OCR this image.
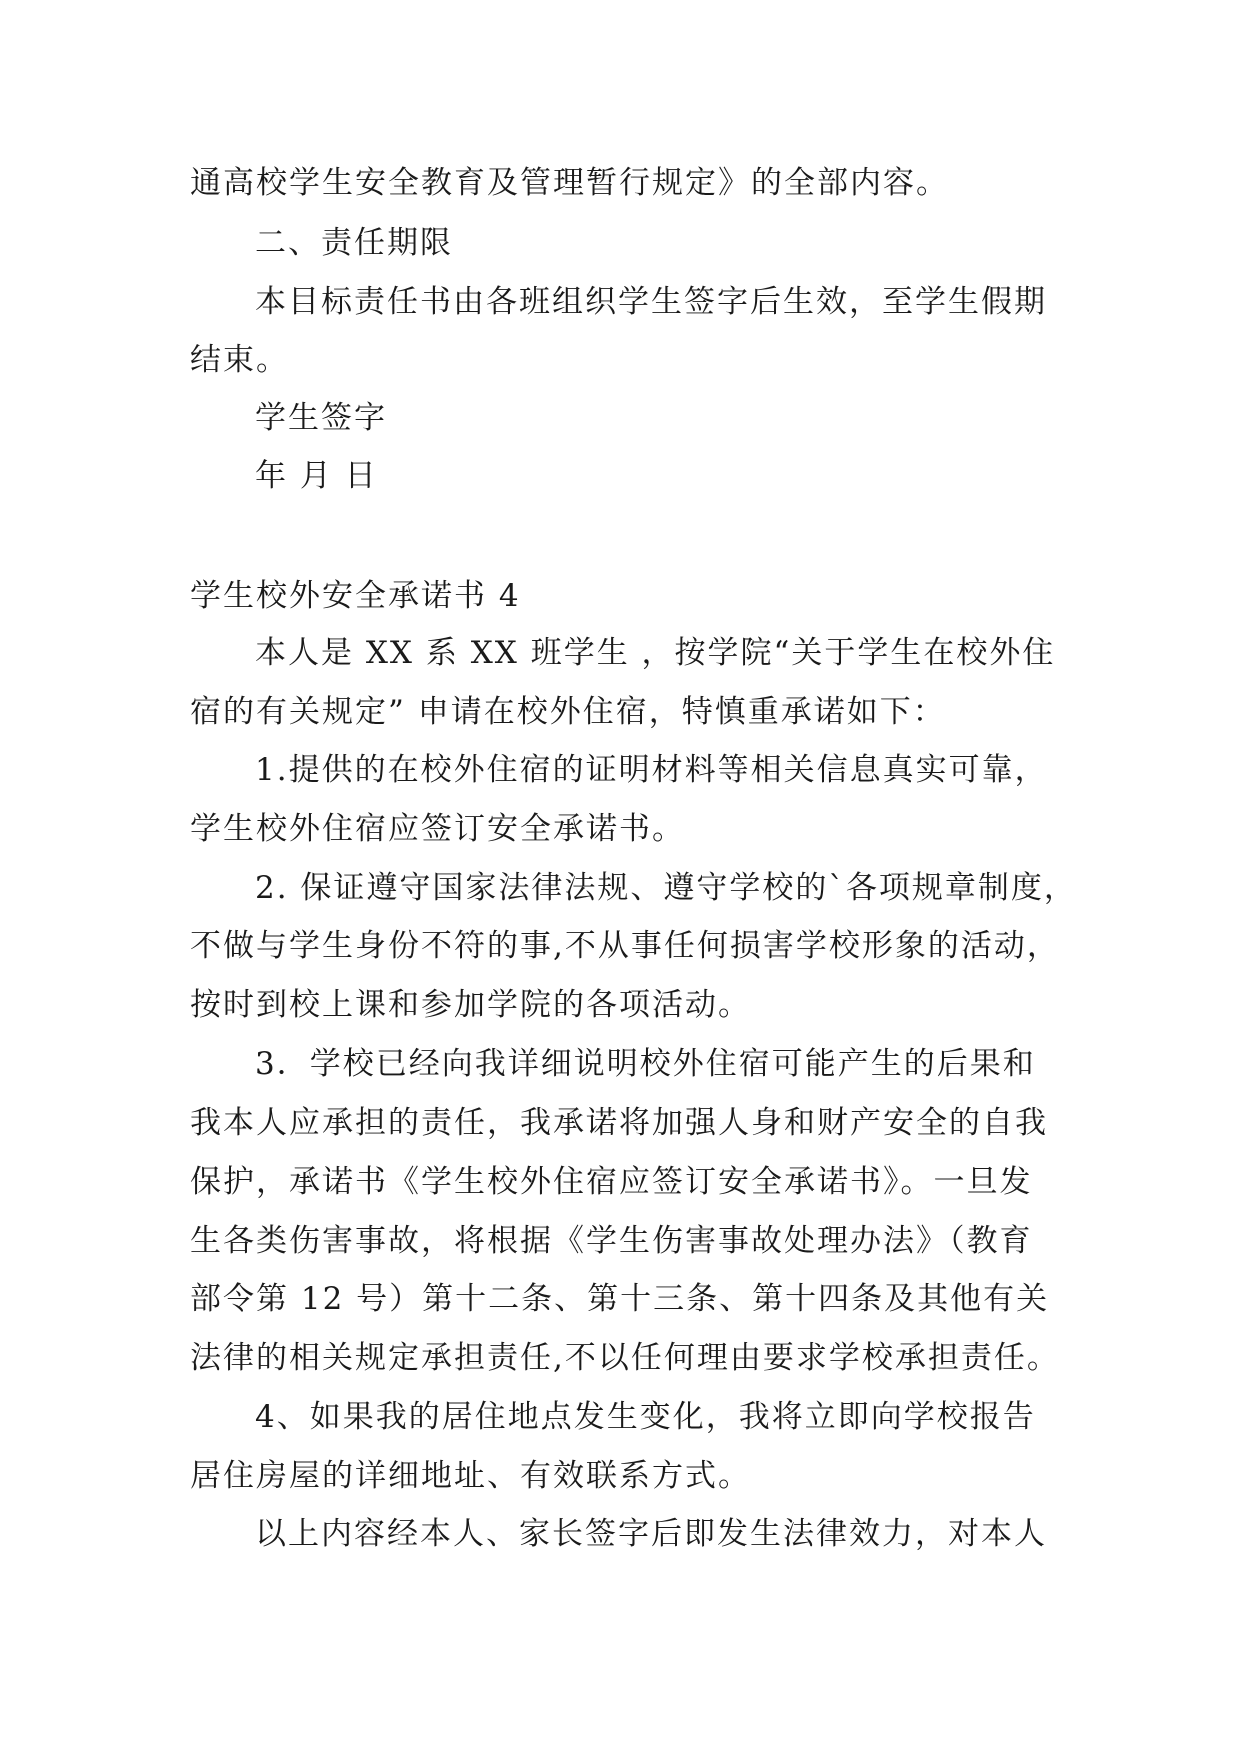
通高校学生安全教育及管理暂行规定》的全部内容。
二、责任期限
本目标责任书由各班组织学生签字后生效，至学生假期
结束。
学生签字
年 月 日
学生校外安全承诺书 4
本人是 XX 系 XX 班学生 ，按学院“关于学生在校外住
宿的有关规定” 申请在校外住宿，特慎重承诺如下：
1.提供的在校外住宿的证明材料等相关信息真实可靠，
学生校外住宿应签订安全承诺书。
2. 保证遵守国家法律法规、遵守学校的`各项规章制度，
不做与学生身份不符的事,不从事任何损害学校形象的活动，
按时到校上课和参加学院的各项活动。
3．学校已经向我详细说明校外住宿可能产生的后果和
我本人应承担的责任，我承诺将加强人身和财产安全的自我
保护，承诺书《学生校外住宿应签订安全承诺书》。一旦发
生各类伤害事故，将根据《学生伤害事故处理办法》（教育
部令第 12 号）第十二条、第十三条、第十四条及其他有关
法律的相关规定承担责任,不以任何理由要求学校承担责任。
4、如果我的居住地点发生变化，我将立即向学校报告
居住房屋的详细地址、有效联系方式。
以上内容经本人、家长签字后即发生法律效力，对本人
